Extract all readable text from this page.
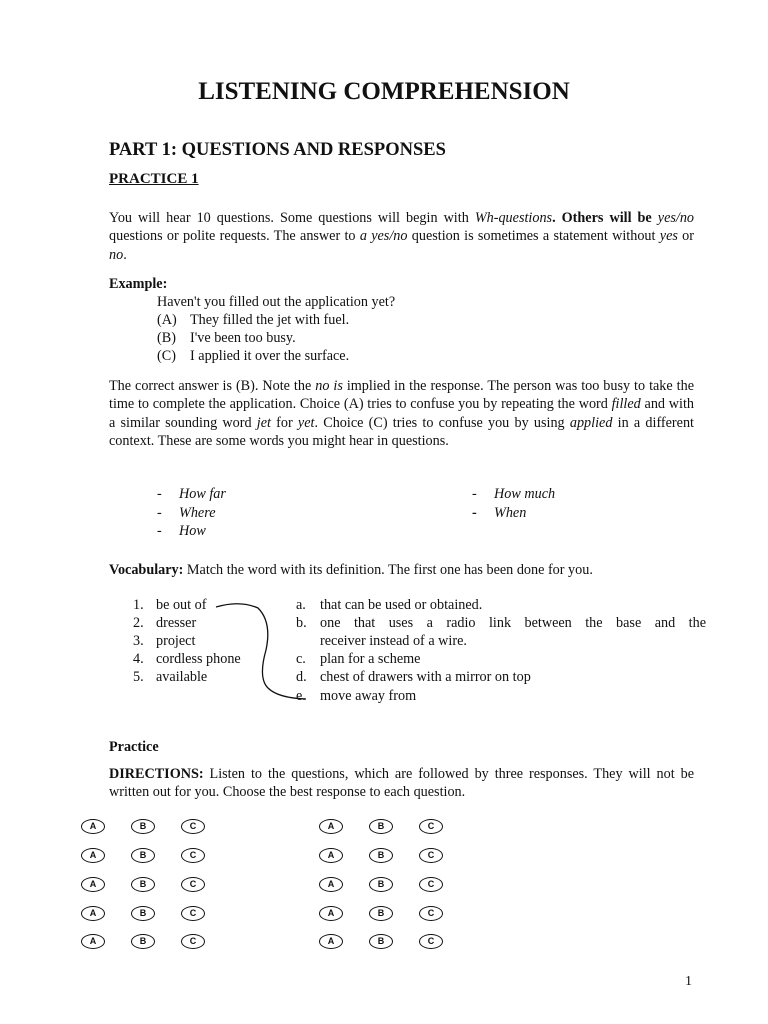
LISTENING COMPREHENSION
PART 1: QUESTIONS AND RESPONSES
PRACTICE 1
You will hear 10 questions. Some questions will begin with Wh-questions. Others will be yes/no questions or polite requests. The answer to a yes/no question is sometimes a statement without yes or no.
Example:
Haven't you filled out the application yet?
(A) They filled the jet with fuel.
(B) I've been too busy.
(C) I applied it over the surface.
The correct answer is (B). Note the no is implied in the response. The person was too busy to take the time to complete the application. Choice (A) tries to confuse you by repeating the word filled and with a similar sounding word jet for yet. Choice (C) tries to confuse you by using applied in a different context. These are some words you might hear in questions.
- How far
- Where
- How
- How much
- When
Vocabulary: Match the word with its definition. The first one has been done for you.
1. be out of
2. dresser
3. project
4. cordless phone
5. available
a. that can be used or obtained.
b. one that uses a radio link between the base and the
receiver instead of a wire.
c. plan for a scheme
d. chest of drawers with a mirror on top
e. move away from
Practice
DIRECTIONS: Listen to the questions, which are followed by three responses. They will not be written out for you. Choose the best response to each question.
A	B	C
A	B	C
A	B	C
A	B	C
A	B	C
A	B	C
A	B	C
A	B	C
A	B	C
A	B	C
1
